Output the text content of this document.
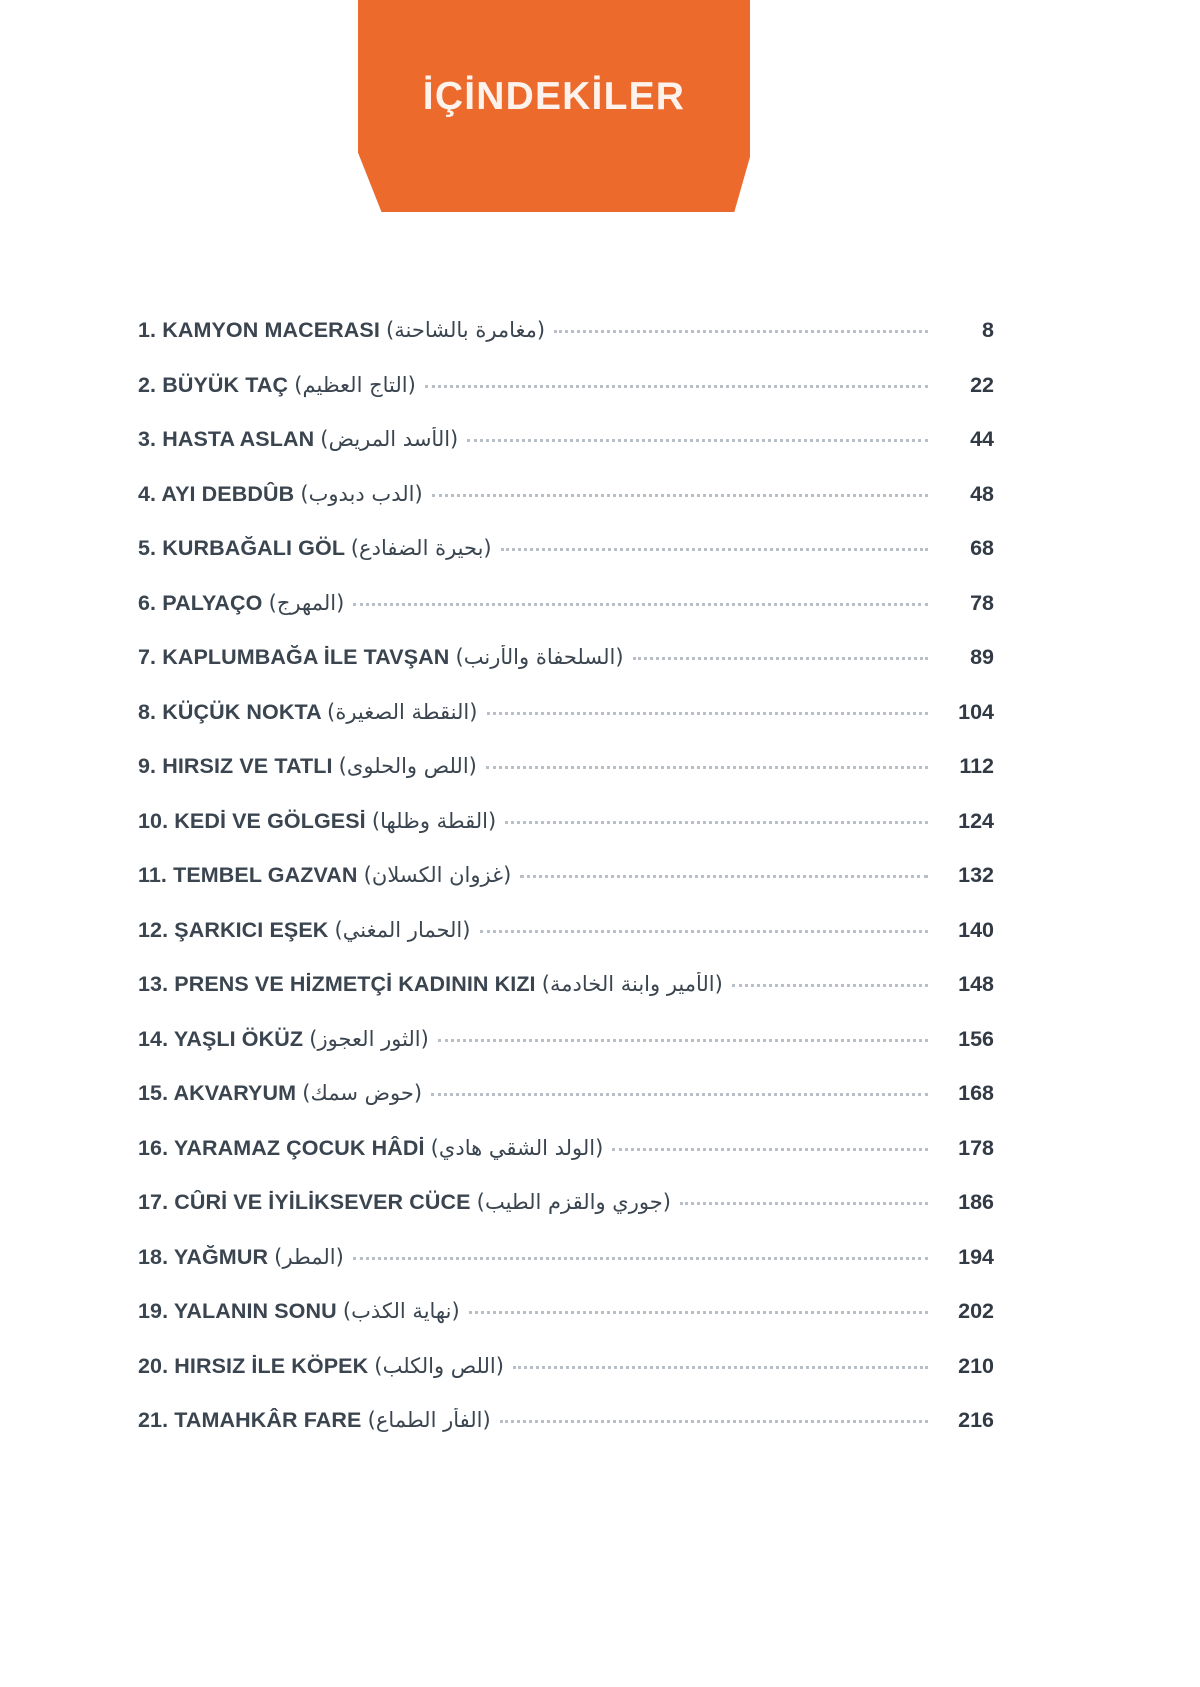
İÇİNDEKİLER
1. KAMYON MACERASI (مغامرة بالشاحنة)	8
2. BÜYÜK TAÇ (التاج العظيم)	22
3. HASTA ASLAN (الأسد المريض)	44
4. AYI DEBDÛB (الدب دبدوب)	48
5. KURBAĞALI GÖL (بحيرة الضفادع)	68
6. PALYAÇO (المهرج)	78
7. KAPLUMBAĞA İLE TAVŞAN (السلحفاة والأرنب)	89
8. KÜÇÜK NOKTA (النقطة الصغيرة)	104
9. HIRSIZ VE TATLI (اللص والحلوى)	112
10. KEDİ VE GÖLGESİ (القطة وظلها)	124
11. TEMBEL GAZVAN (غزوان الكسلان)	132
12. ŞARKICI EŞEK (الحمار المغني)	140
13. PRENS VE HİZMETÇİ KADININ KIZI (الأمير وابنة الخادمة)	148
14. YAŞLI ÖKÜZ (الثور العجوز)	156
15. AKVARYUM (حوض سمك)	168
16. YARAMAZ ÇOCUK HÂDİ (الولد الشقي هادي)	178
17. CÛRİ VE İYİLİKSEVER CÜCE (جوري والقزم الطيب)	186
18. YAĞMUR (المطر)	194
19. YALANIN SONU (نهاية الكذب)	202
20. HIRSIZ İLE KÖPEK (اللص والكلب)	210
21. TAMAHKÂR FARE (الفأر الطماع)	216
